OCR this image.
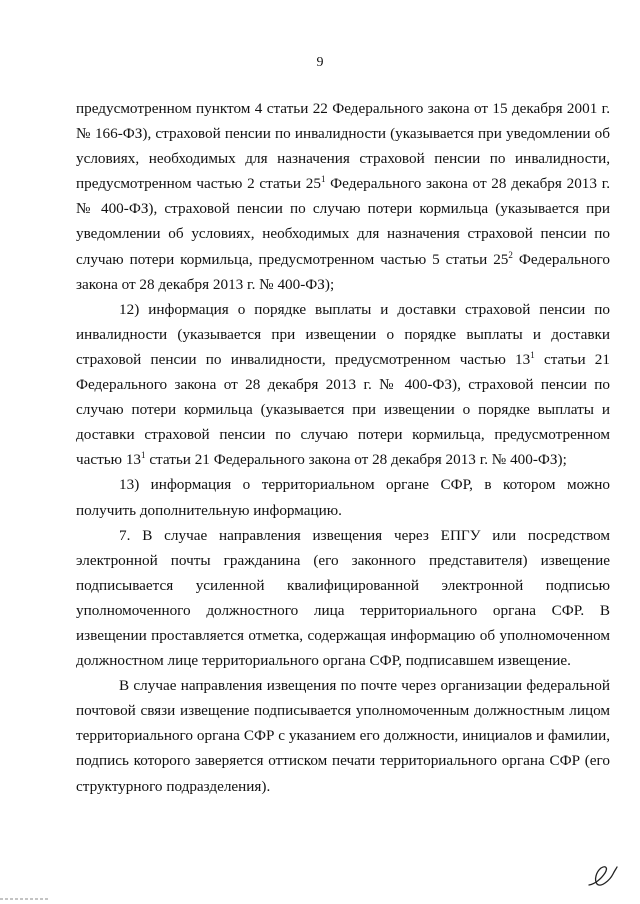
9

предусмотренном пунктом 4 статьи 22 Федерального закона от 15 декабря 2001 г. № 166-ФЗ), страховой пенсии по инвалидности (указывается при уведомлении об условиях, необходимых для назначения страховой пенсии по инвалидности, предусмотренном частью 2 статьи $25^1$ Федерального закона от 28 декабря 2013 г. № 400-ФЗ), страховой пенсии по случаю потери кормильца (указывается при уведомлении об условиях, необходимых для назначения страховой пенсии по случаю потери кормильца, предусмотренном частью 5 статьи $25^2$ Федерального закона от 28 декабря 2013 г. № 400-ФЗ);

12) информация о порядке выплаты и доставки страховой пенсии по инвалидности (указывается при извещении о порядке выплаты и доставки страховой пенсии по инвалидности, предусмотренном частью $13^1$ статьи 21 Федерального закона от 28 декабря 2013 г. № 400-ФЗ), страховой пенсии по случаю потери кормильца (указывается при извещении о порядке выплаты и доставки страховой пенсии по случаю потери кормильца, предусмотренном частью $13^1$ статьи 21 Федерального закона от 28 декабря 2013 г. № 400-ФЗ);

13) информация о территориальном органе СФР, в котором можно получить дополнительную информацию.

7. В случае направления извещения через ЕПГУ или посредством электронной почты гражданина (его законного представителя) извещение подписывается усиленной квалифицированной электронной подписью уполномоченного должностного лица территориального органа СФР. В извещении проставляется отметка, содержащая информацию об уполномоченном должностном лице территориального органа СФР, подписавшем извещение.

В случае направления извещения по почте через организации федеральной почтовой связи извещение подписывается уполномоченным должностным лицом территориального органа СФР с указанием его должности, инициалов и фамилии, подпись которого заверяется оттиском печати территориального органа СФР (его структурного подразделения).
